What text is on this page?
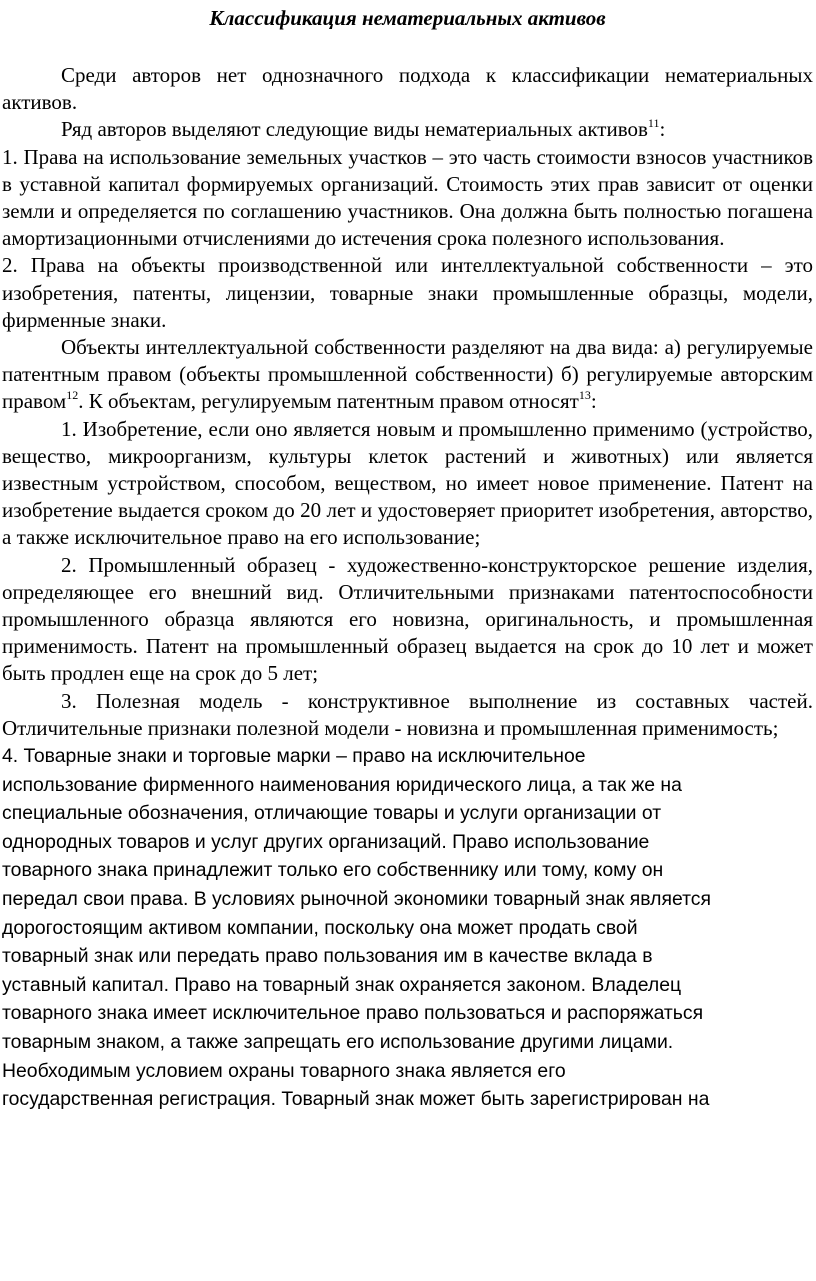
Классификация нематериальных активов

Среди авторов нет однозначного подхода к классификации нематериальных активов.

Ряд авторов выделяют следующие виды нематериальных активов$^{11}$:

1. Права на использование земельных участков – это часть стоимости взносов участников в уставной капитал формируемых организаций. Стоимость этих прав зависит от оценки земли и определяется по соглашению участников. Она должна быть полностью погашена амортизационными отчислениями до истечения срока полезного использования.

2. Права на объекты производственной или интеллектуальной собственности – это изобретения, патенты, лицензии, товарные знаки промышленные образцы, модели, фирменные знаки.

Объекты интеллектуальной собственности разделяют на два вида: а) регулируемые патентным правом (объекты промышленной собственности) б) регулируемые авторским правом$^{12}$. К объектам, регулируемым патентным правом относят$^{13}$:

1. Изобретение, если оно является новым и промышленно применимо (устройство, вещество, микроорганизм, культуры клеток растений и животных) или является известным устройством, способом, веществом, но имеет новое применение. Патент на изобретение выдается сроком до 20 лет и удостоверяет приоритет изобретения, авторство, а также исключительное право на его использование;

2. Промышленный образец - художественно-конструкторское решение изделия, определяющее его внешний вид. Отличительными признаками патентоспособности промышленного образца являются его новизна, оригинальность, и промышленная применимость. Патент на промышленный образец выдается на срок до 10 лет и может быть продлен еще на срок до 5 лет;

3. Полезная модель - конструктивное выполнение из составных частей. Отличительные признаки полезной модели - новизна и промышленная применимость;

4. Товарные знаки и торговые марки – право на исключительное
использование фирменного наименования юридического лица, а так же на
специальные обозначения, отличающие товары и услуги организации от
однородных товаров и услуг других организаций. Право использование
товарного знака принадлежит только его собственнику или тому, кому он
передал свои права. В условиях рыночной экономики товарный знак является
дорогостоящим активом компании, поскольку она может продать свой
товарный знак или передать право пользования им в качестве вклада в
уставный капитал. Право на товарный знак охраняется законом. Владелец
товарного знака имеет исключительное право пользоваться и распоряжаться
товарным знаком, а также запрещать его использование другими лицами.
Необходимым условием охраны товарного знака является его
государственная регистрация. Товарный знак может быть зарегистрирован на
